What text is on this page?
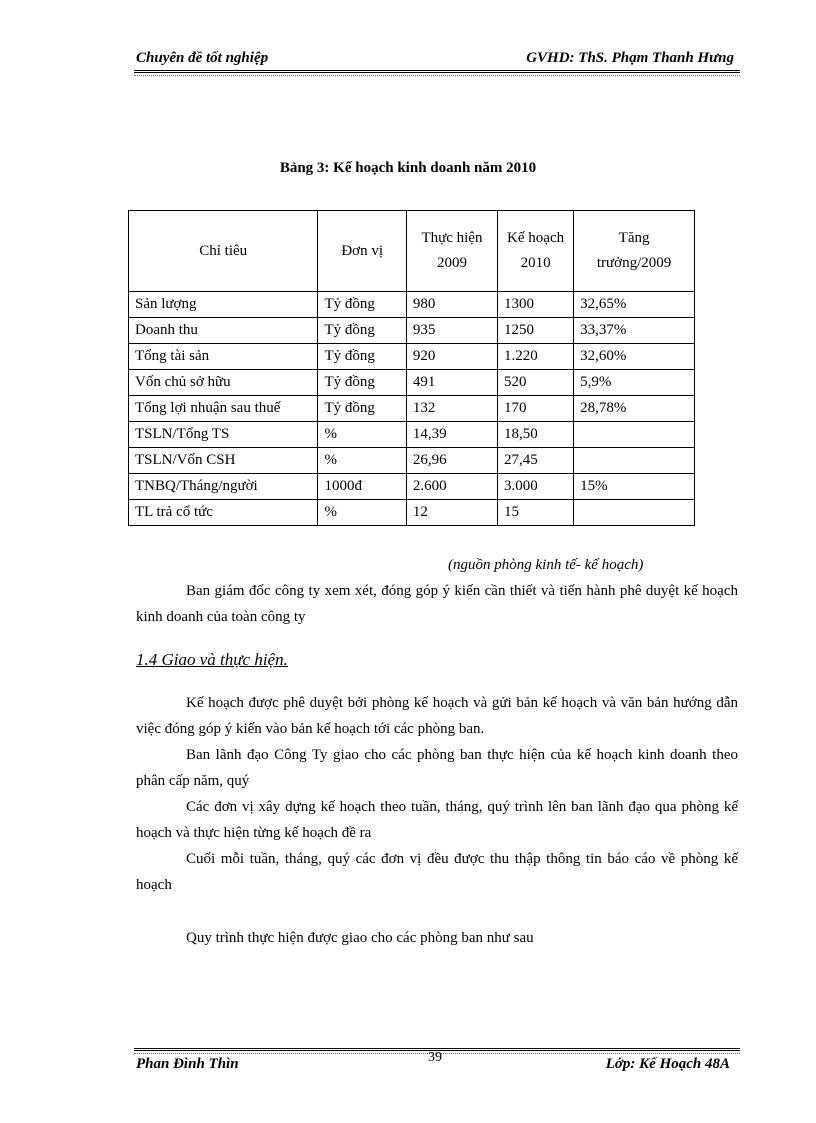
Chuyên đề tốt nghiệp	GVHD: ThS. Phạm Thanh Hưng
Bảng 3: Kế hoạch kinh doanh năm 2010
Chỉ tiêu	Đơn vị	Thực hiện 2009	Kế hoạch 2010	Tăng trưởng/2009
Sản lượng	Tỷ đồng	980	1300	32,65%
Doanh thu	Tỷ đồng	935	1250	33,37%
Tổng tài sản	Tỷ đồng	920	1.220	32,60%
Vốn chủ sở hữu	Tỷ đồng	491	520	5,9%
Tổng lợi nhuận sau thuế	Tỷ đồng	132	170	28,78%
TSLN/Tổng TS	%	14,39	18,50	
TSLN/Vốn CSH	%	26,96	27,45	
TNBQ/Tháng/người	1000đ	2.600	3.000	15%
TL trả cổ tức	%	12	15	
(nguồn phòng kinh tế- kế hoạch)

Ban giám đốc công ty xem xét, đóng góp ý kiến cần thiết và tiến hành phê duyệt kế hoạch kinh doanh của toàn công ty

1.4 Giao và thực hiện.

Kế hoạch được phê duyệt bởi phòng kế hoạch và gửi bản kế hoạch và văn bản hướng dẫn việc đóng góp ý kiến vào bản kế hoạch tới các phòng ban.

Ban lãnh đạo Công Ty giao cho các phòng ban thực hiện của kế hoạch kinh doanh theo phân cấp năm, quý

Các đơn vị xây dựng kế hoạch theo tuần, tháng, quý trình lên ban lãnh đạo qua phòng kế hoạch và thực hiện từng kế hoạch đề ra

Cuối mỗi tuần, tháng, quý các đơn vị đều được thu thập thông tin báo cáo về phòng kế hoạch

Quy trình thực hiện được giao cho các phòng ban như sau

Phan Đình Thìn	39	Lớp: Kế Hoạch 48A
